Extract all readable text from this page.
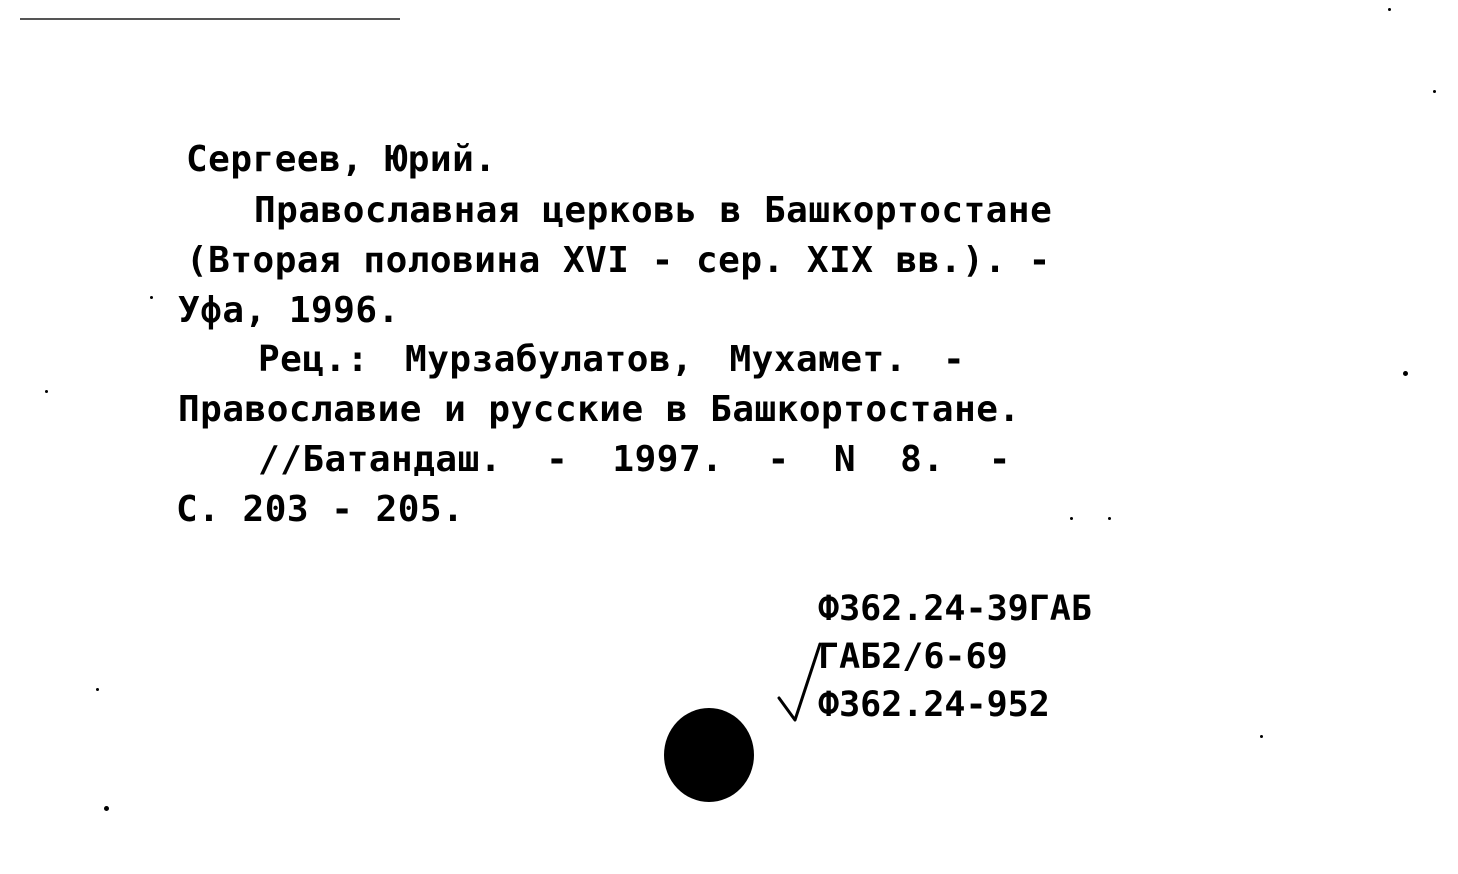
Сергеев, Юрий.
Православная церковь в Башкортостане
(Вторая половина XVI - сер. XIX вв.). -
Уфа, 1996.
Рец.: Мурзабулатов, Мухамет. -
Православие и русские в Башкортостане.
//Батандаш. - 1997. - N 8. -
С. 203 - 205.
Ф362.24-39ГАБ
ГАБ2/6-69
Ф362.24-952
